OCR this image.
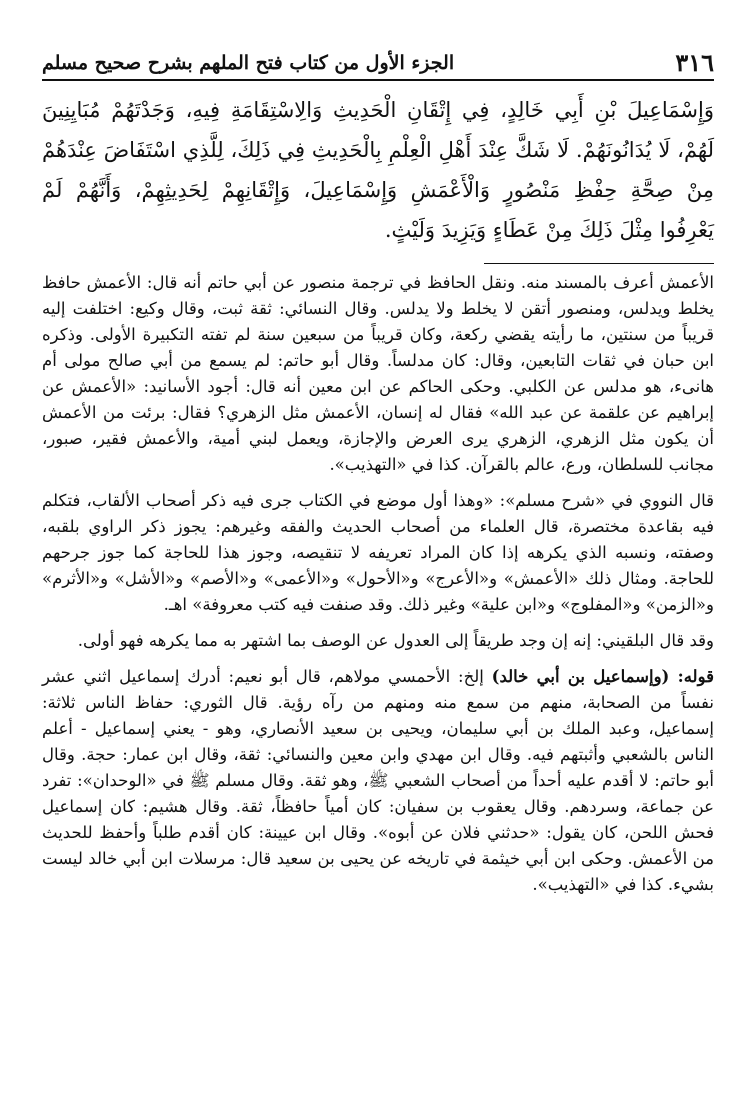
٣١٦
الجزء الأول من كتاب فتح الملهم بشرح صحيح مسلم
وَإِسْمَاعِيلَ بْنِ أَبِي خَالِدٍ، فِي إِتْقَانِ الْحَدِيثِ وَالِاسْتِقَامَةِ فِيهِ، وَجَدْتَهُمْ مُبَايِنِينَ لَهُمْ، لَا يُدَانُونَهُمْ. لَا شَكَّ عِنْدَ أَهْلِ الْعِلْمِ بِالْحَدِيثِ فِي ذَلِكَ، لِلَّذِي اسْتَفَاضَ عِنْدَهُمْ مِنْ صِحَّةِ حِفْظِ مَنْصُورٍ وَالْأَعْمَشِ وَإِسْمَاعِيلَ، وَإِتْقَانِهِمْ لِحَدِيثِهِمْ، وَأَنَّهُمْ لَمْ يَعْرِفُوا مِثْلَ ذَلِكَ مِنْ عَطَاءٍ وَيَزِيدَ وَلَيْثٍ.

الأعمش أعرف بالمسند منه. ونقل الحافظ في ترجمة منصور عن أبي حاتم أنه قال: الأعمش حافظ يخلط ويدلس، ومنصور أتقن لا يخلط ولا يدلس. وقال النسائي: ثقة ثبت، وقال وكيع: اختلفت إليه قريباً من سنتين، ما رأيته يقضي ركعة، وكان قريباً من سبعين سنة لم تفته التكبيرة الأولى. وذكره ابن حبان في ثقات التابعين، وقال: كان مدلساً. وقال أبو حاتم: لم يسمع من أبي صالح مولى أم هانىء، هو مدلس عن الكلبي. وحكى الحاكم عن ابن معين أنه قال: أجود الأسانيد: «الأعمش عن إبراهيم عن علقمة عن عبد الله» فقال له إنسان، الأعمش مثل الزهري؟ فقال: برئت من الأعمش أن يكون مثل الزهري، الزهري يرى العرض والإجازة، ويعمل لبني أمية، والأعمش فقير، صبور، مجانب للسلطان، ورع، عالم بالقرآن. كذا في «التهذيب».

قال النووي في «شرح مسلم»: «وهذا أول موضع في الكتاب جرى فيه ذكر أصحاب الألقاب، فتكلم فيه بقاعدة مختصرة، قال العلماء من أصحاب الحديث والفقه وغيرهم: يجوز ذكر الراوي بلقبه، وصفته، ونسبه الذي يكرهه إذا كان المراد تعريفه لا تنقيصه، وجوز هذا للحاجة كما جوز جرحهم للحاجة. ومثال ذلك «الأعمش» و«الأعرج» و«الأحول» و«الأعمى» و«الأصم» و«الأشل» و«الأثرم» و«الزمن» و«المفلوج» و«ابن علية» وغير ذلك. وقد صنفت فيه كتب معروفة» اهـ.

وقد قال البلقيني: إنه إن وجد طريقاً إلى العدول عن الوصف بما اشتهر به مما يكرهه فهو أولى.

قوله: (وإسماعيل بن أبي خالد) إلخ: الأحمسي مولاهم، قال أبو نعيم: أدرك إسماعيل اثني عشر نفساً من الصحابة، منهم من سمع منه ومنهم من رآه رؤية. قال الثوري: حفاظ الناس ثلاثة: إسماعيل، وعبد الملك بن أبي سليمان، ويحيى بن سعيد الأنصاري، وهو - يعني إسماعيل - أعلم الناس بالشعبي وأثبتهم فيه. وقال ابن مهدي وابن معين والنسائي: ثقة، وقال ابن عمار: حجة. وقال أبو حاتم: لا أقدم عليه أحداً من أصحاب الشعبي ﷺ، وهو ثقة. وقال مسلم ﷺ في «الوحدان»: تفرد عن جماعة، وسردهم. وقال يعقوب بن سفيان: كان أمياً حافظاً، ثقة. وقال هشيم: كان إسماعيل فحش اللحن، كان يقول: «حدثني فلان عن أبوه». وقال ابن عيينة: كان أقدم طلباً وأحفظ للحديث من الأعمش. وحكى ابن أبي خيثمة في تاريخه عن يحيى بن سعيد قال: مرسلات ابن أبي خالد ليست بشيء. كذا في «التهذيب».
